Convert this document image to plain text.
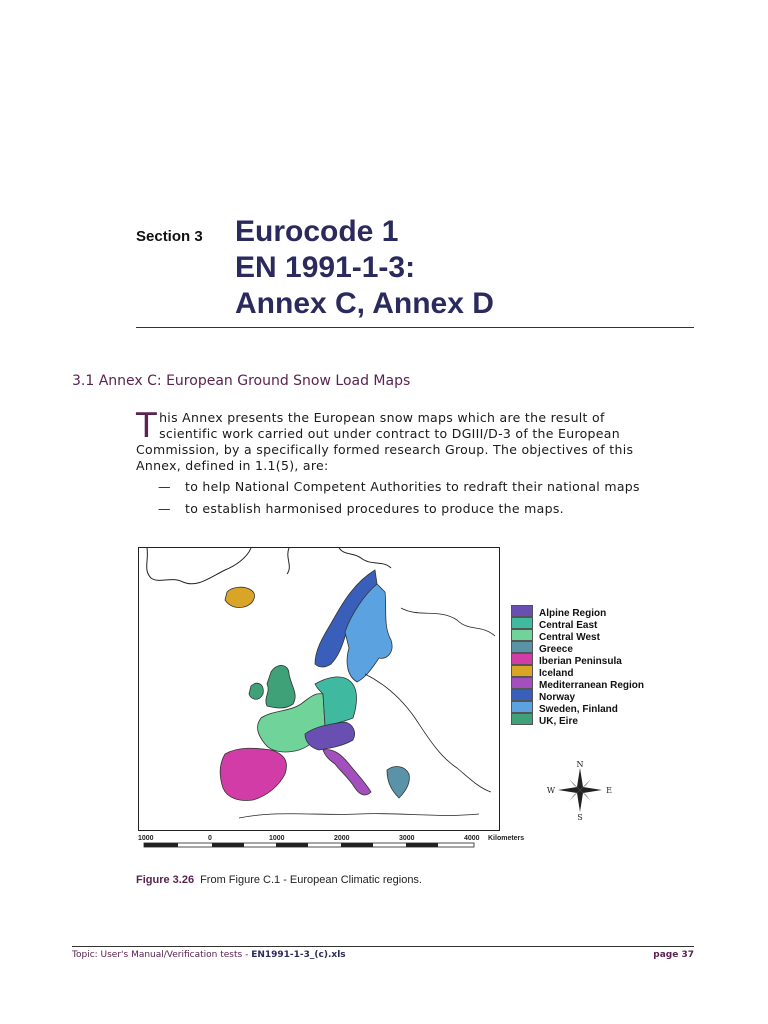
Section 3 Eurocode 1
EN 1991-1-3:
Annex C, Annex D
3.1 Annex C: European Ground Snow Load Maps
T his Annex presents the European snow maps which are the result of scientific work carried out under contract to DGIII/D-3 of the European Commission, by a specifically formed research Group. The objectives of this Annex, defined in 1.1(5), are:
— to help National Competent Authorities to redraft their national maps
— to establish harmonised procedures to produce the maps.
Alpine Region
Central East
Central West
Greece
Iberian Peninsula
Iceland
Mediterranean Region
Norway
Sweden, Finland
UK, Eire
N
S
W	E
1000	0	1000	2000	3000	4000 Kilometers
Figure 3.26 From Figure C.1 - European Climatic regions.
Topic: User's Manual/Verification tests - EN1991-1-3_(c).xls	page 37
